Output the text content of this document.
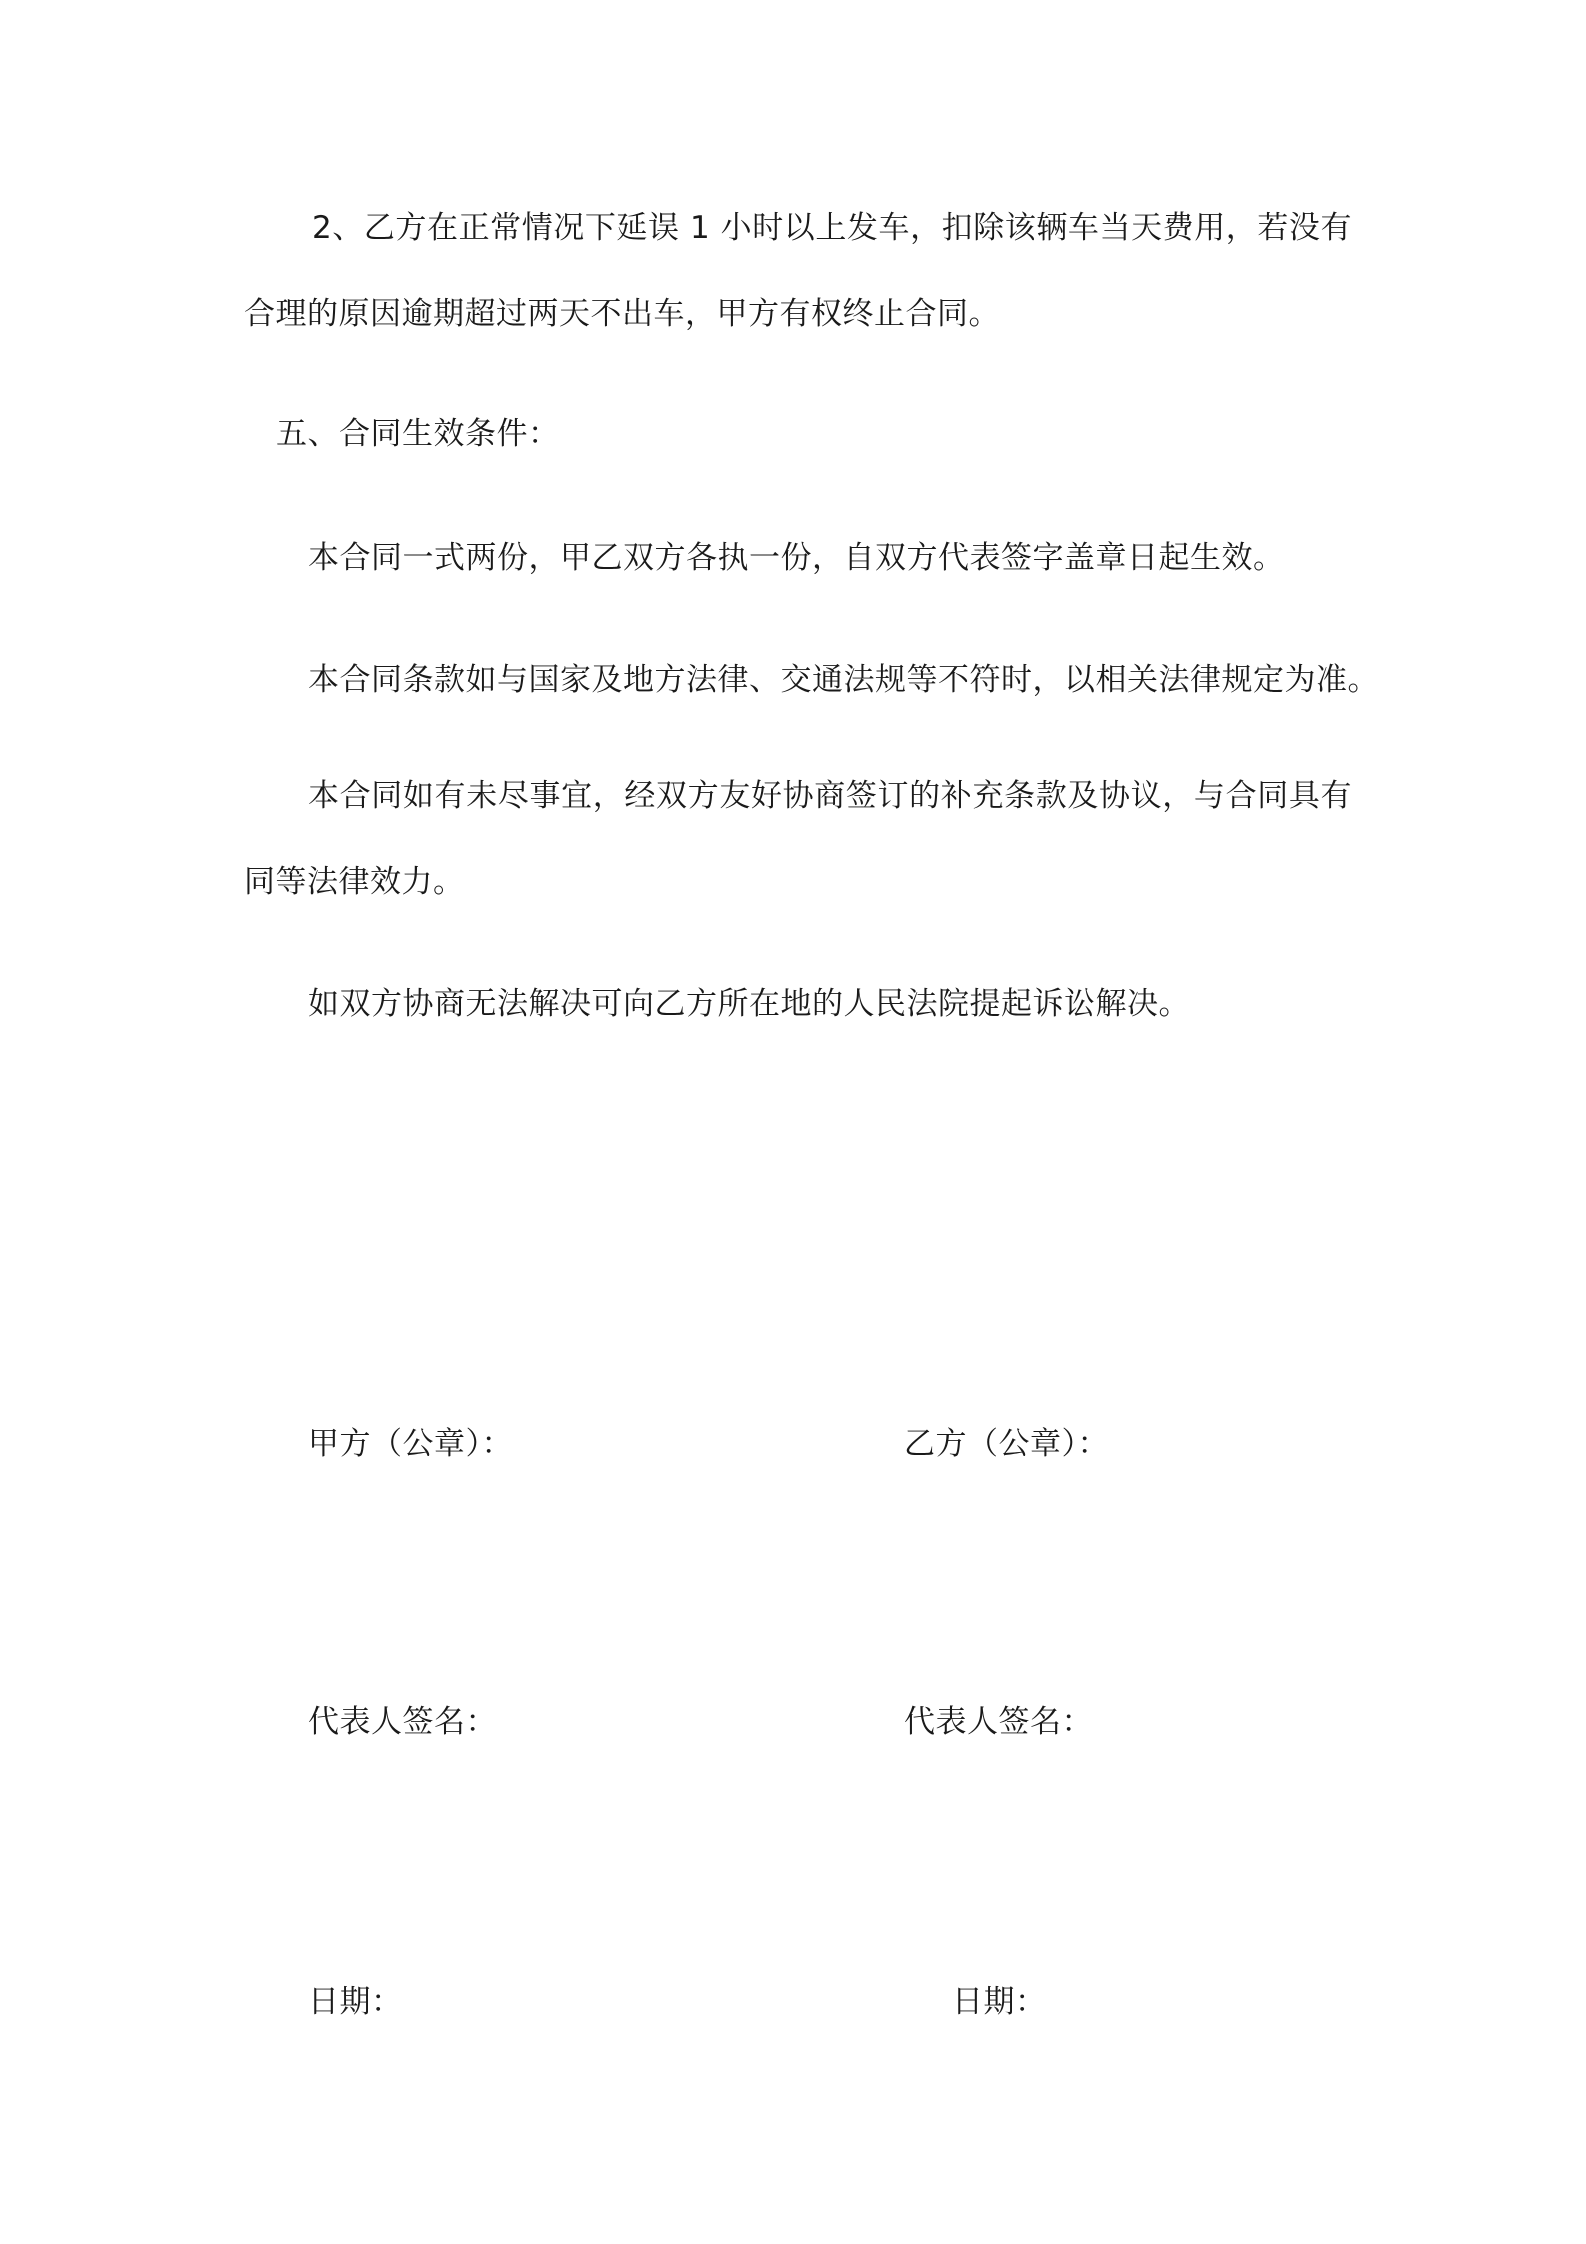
2、乙方在正常情况下延误 1 小时以上发车，扣除该辆车当天费用，若没有
合理的原因逾期超过两天不出车，甲方有权终止合同。
五、合同生效条件：
本合同一式两份，甲乙双方各执一份，自双方代表签字盖章日起生效。
本合同条款如与国家及地方法律、交通法规等不符时，以相关法律规定为准。
本合同如有未尽事宜，经双方友好协商签订的补充条款及协议，与合同具有
同等法律效力。
如双方协商无法解决可向乙方所在地的人民法院提起诉讼解决。
甲方（公章）：
代表人签名：
日期：
乙方（公章）：
代表人签名：
日期：
